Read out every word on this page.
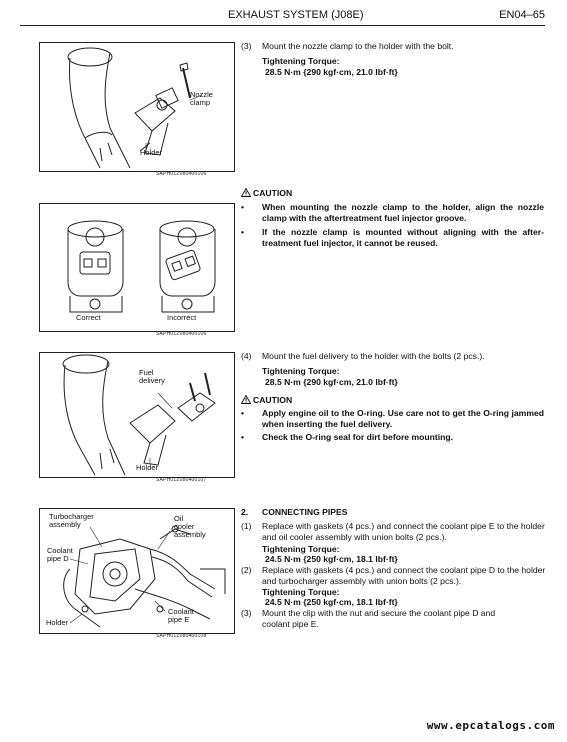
EXHAUST SYSTEM (J08E)	EN04–65
Nozzle
clamp
Holder
SAPH01Z080400106
Correct	Incorrect
SAPH01Z080400106
Fuel
delivery
Holder
SAPH01Z080400107
Turbocharger
assembly
Oil
cooler
assembly
Coolant
pipe D
Coolant
pipe E
Holder
SAPH01Z080400108
(3) Mount the nozzle clamp to the holder with the bolt.
Tightening Torque:
28.5 N·m {290 kgf·cm, 21.0 lbf·ft}
CAUTION
• When mounting the nozzle clamp to the holder, align the nozzle clamp with the aftertreatment fuel injector groove.
• If the nozzle clamp is mounted without aligning with the after-treatment fuel injector, it cannot be reused.
(4) Mount the fuel delivery to the holder with the bolts (2 pcs.).
Tightening Torque:
28.5 N·m {290 kgf·cm, 21.0 lbf·ft}
CAUTION
• Apply engine oil to the O-ring. Use care not to get the O-ring jammed when inserting the fuel delivery.
• Check the O-ring seal for dirt before mounting.
2. CONNECTING PIPES
(1) Replace with gaskets (4 pcs.) and connect the coolant pipe E to the holder and oil cooler assembly with union bolts (2 pcs.).
Tightening Torque:
24.5 N·m {250 kgf·cm, 18.1 lbf·ft}
(2) Replace with gaskets (4 pcs.) and connect the coolant pipe D to the holder and turbocharger assembly with union bolts (2 pcs.).
Tightening Torque:
24.5 N·m {250 kgf·cm, 18.1 lbf·ft}
(3) Mount the clip with the nut and secure the coolant pipe D and coolant pipe E.
www.epcatalogs.com
